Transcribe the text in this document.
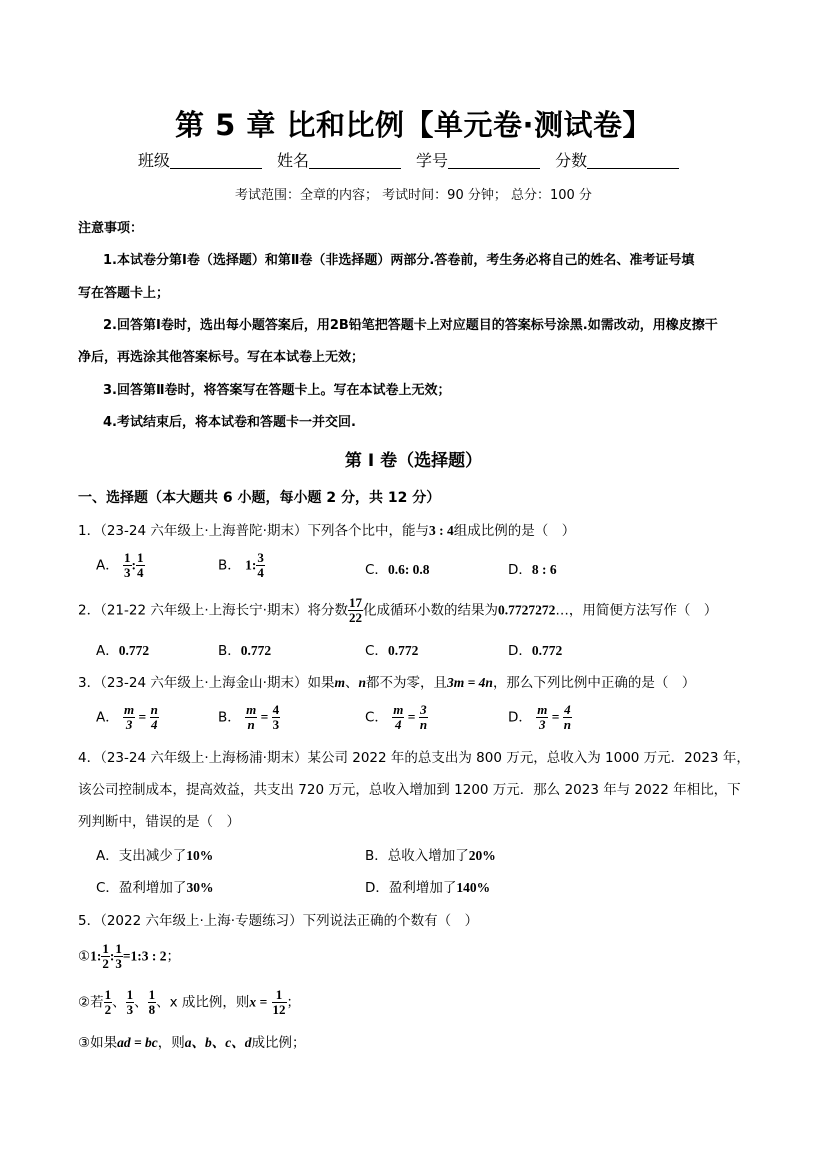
第 5 章 比和比例【单元卷·测试卷】
班级	姓名	学号	分数
考试范围：全章的内容； 考试时间：90 分钟； 总分：100 分
注意事项：
1.本试卷分第Ⅰ卷（选择题）和第Ⅱ卷（非选择题）两部分.答卷前，考生务必将自己的姓名、准考证号填
写在答题卡上；
2.回答第Ⅰ卷时，选出每小题答案后，用2B铅笔把答题卡上对应题目的答案标号涂黑.如需改动，用橡皮擦干
净后，再选涂其他答案标号。写在本试卷上无效；
3.回答第Ⅱ卷时，将答案写在答题卡上。写在本试卷上无效；
4.考试结束后，将本试卷和答题卡一并交回.
第 I 卷（选择题）
一、选择题（本大题共 6 小题，每小题 2 分，共 12 分）
1．（23-24 六年级上·上海普陀·期末）下列各个比中，能与3 : 4组成比例的是（　）
A． $\frac{1}{3}$ : $\frac{1}{4}$	B． 1: $\frac{3}{4}$	C．0.6: 0.8	D．8 : 6
2．（21-22 六年级上·上海长宁·期末）将分数 $\frac{17}{22}$ 化成循环小数的结果为0.7727272…，用简便方法写作（　）
A．0.772	B．0.772	C．0.772	D．0.772
3．（23-24 六年级上·上海金山·期末）如果m、n都不为零，且3m = 4n，那么下列比例中正确的是（　）
A． $\frac{m}{3} = \frac{n}{4}$	B． $\frac{m}{n} = \frac{4}{3}$	C． $\frac{m}{4} = \frac{3}{n}$	D． $\frac{m}{3} = \frac{4}{n}$
4．（23-24 六年级上·上海杨浦·期末）某公司 2022 年的总支出为 800 万元，总收入为 1000 万元．2023 年，
该公司控制成本，提高效益，共支出 720 万元，总收入增加到 1200 万元．那么 2023 年与 2022 年相比，下
列判断中，错误的是（　）
A．支出减少了10%	B．总收入增加了20%
C．盈利增加了30%	D．盈利增加了140%
5．（2022 六年级上·上海·专题练习）下列说法正确的个数有（　）
①1: $\frac{1}{2}$ : $\frac{1}{3}$ =1:3 : 2；
②若 $\frac{1}{2}$ 、 $\frac{1}{3}$ 、 $\frac{1}{8}$ 、x 成比例，则$x = \frac{1}{12}$ ；
③如果ad = bc，则a、b、c、d成比例；
